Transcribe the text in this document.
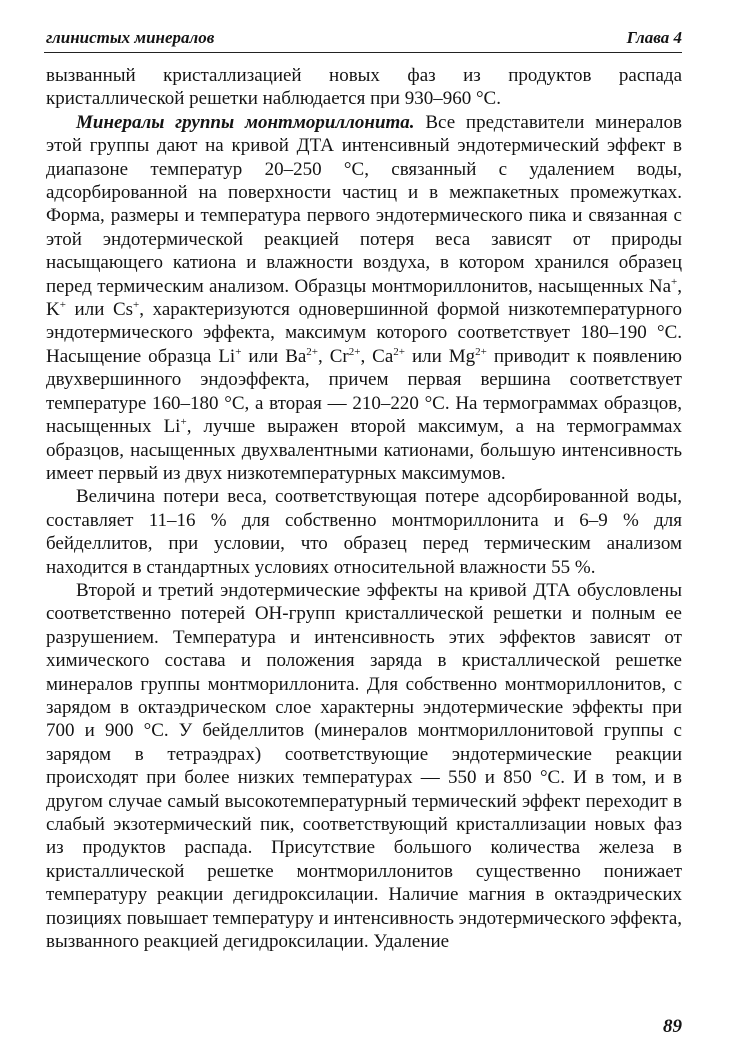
глинистых минералов	Глава 4

вызванный кристаллизацией новых фаз из продуктов распада кристаллической решетки наблюдается при 930–960 °С.

Минералы группы монтмориллонита. Все представители минералов этой группы дают на кривой ДТА интенсивный эндотермический эффект в диапазоне температур 20–250 °С, связанный с удалением воды, адсорбированной на поверхности частиц и в межпакетных промежутках. Форма, размеры и температура первого эндотермического пика и связанная с этой эндотермической реакцией потеря веса зависят от природы насыщающего катиона и влажности воздуха, в котором хранился образец перед термическим анализом. Образцы монтмориллонитов, насыщенных Na+, K+ или Cs+, характеризуются одновершинной формой низкотемпературного эндотермического эффекта, максимум которого соответствует 180–190 °С. Насыщение образца Li+ или $Ba^{2+}$, $Cr^{2+}$, $Ca^{2+}$ или $Mg^{2+}$ приводит к появлению двухвершинного эндоэффекта, причем первая вершина соответствует температуре 160–180 °С, а вторая — 210–220 °С. На термограммах образцов, насыщенных Li+, лучше выражен второй максимум, а на термограммах образцов, насыщенных двухвалентными катионами, большую интенсивность имеет первый из двух низкотемпературных максимумов.

Величина потери веса, соответствующая потере адсорбированной воды, составляет 11–16 % для собственно монтмориллонита и 6–9 % для бейделлитов, при условии, что образец перед термическим анализом находится в стандартных условиях относительной влажности 55 %.

Второй и третий эндотермические эффекты на кривой ДТА обусловлены соответственно потерей ОН-групп кристаллической решетки и полным ее разрушением. Температура и интенсивность этих эффектов зависят от химического состава и положения заряда в кристаллической решетке минералов группы монтмориллонита. Для собственно монтмориллонитов, с зарядом в октаэдрическом слое характерны эндотермические эффекты при 700 и 900 °С. У бейделлитов (минералов монтмориллонитовой группы с зарядом в тетраэдрах) соответствующие эндотермические реакции происходят при более низких температурах — 550 и 850 °С. И в том, и в другом случае самый высокотемпературный термический эффект переходит в слабый экзотермический пик, соответствующий кристаллизации новых фаз из продуктов распада. Присутствие большого количества железа в кристаллической решетке монтмориллонитов существенно понижает температуру реакции дегидроксилации. Наличие магния в октаэдрических позициях повышает температуру и интенсивность эндотермического эффекта, вызванного реакцией дегидроксилации. Удаление

89
